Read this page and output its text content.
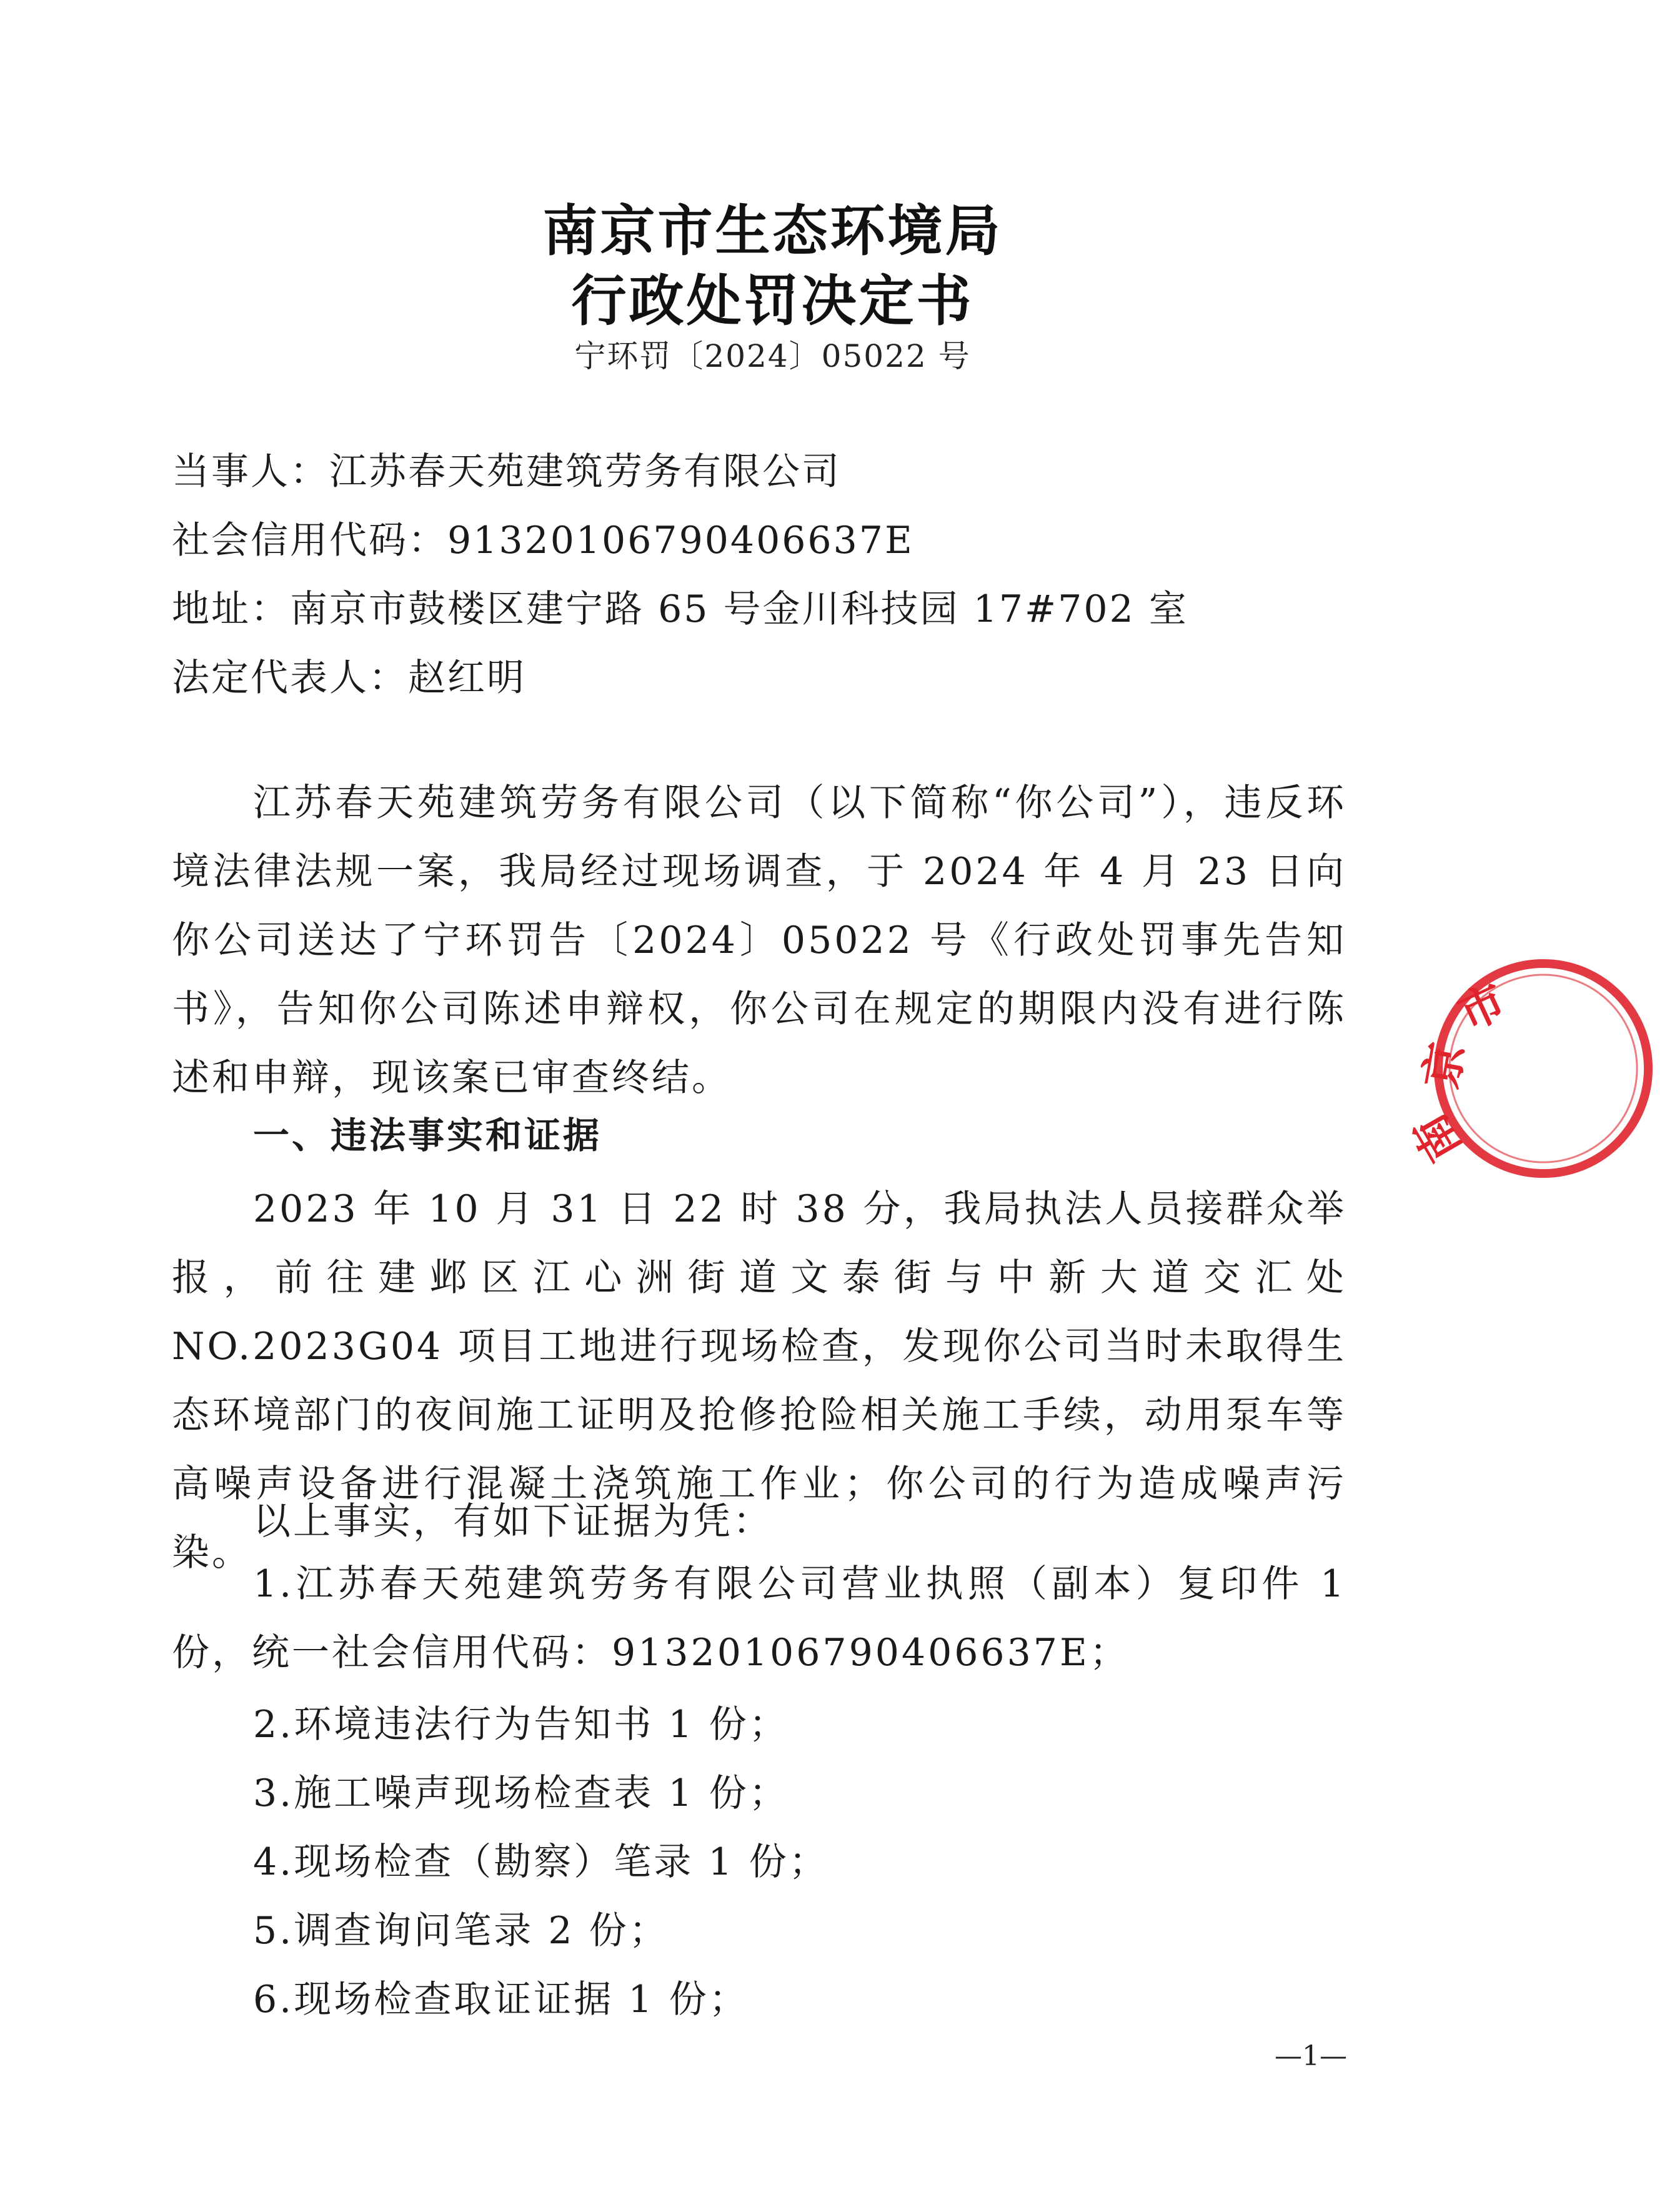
南京市生态环境局
行政处罚决定书
宁环罚〔2024〕05022 号
当事人：江苏春天苑建筑劳务有限公司
社会信用代码：91320106790406637E
地址：南京市鼓楼区建宁路 65 号金川科技园 17#702 室
法定代表人：赵红明
江苏春天苑建筑劳务有限公司（以下简称“你公司”），违反环境法律法规一案，我局经过现场调查，于 2024 年 4 月 23 日向你公司送达了宁环罚告〔2024〕05022 号《行政处罚事先告知书》，告知你公司陈述申辩权，你公司在规定的期限内没有进行陈述和申辩，现该案已审查终结。
一、违法事实和证据
2023 年 10 月 31 日 22 时 38 分，我局执法人员接群众举报，前往建邺区江心洲街道文泰街与中新大道交汇处 NO.2023G04 项目工地进行现场检查，发现你公司当时未取得生态环境部门的夜间施工证明及抢修抢险相关施工手续，动用泵车等高噪声设备进行混凝土浇筑施工作业；你公司的行为造成噪声污染。
以上事实，有如下证据为凭：
1.江苏春天苑建筑劳务有限公司营业执照（副本）复印件 1 份，统一社会信用代码：91320106790406637E；
2.环境违法行为告知书 1 份；
3.施工噪声现场检查表 1 份；
4.现场检查（勘察）笔录 1 份；
5.调查询问笔录 2 份；
6.现场检查取证证据 1 份；
—1—
市
京
南
